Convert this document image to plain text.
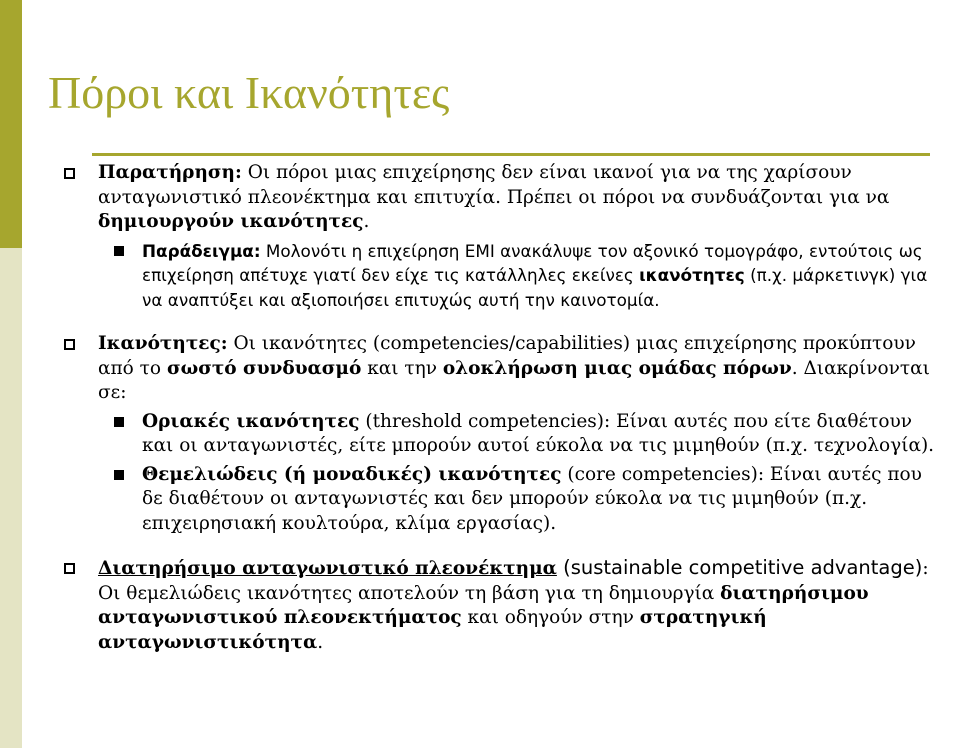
Πόροι και Ικανότητες
Παρατήρηση: Οι πόροι μιας επιχείρησης δεν είναι ικανοί για να της χαρίσουν ανταγωνιστικό πλεονέκτημα και επιτυχία. Πρέπει οι πόροι να συνδυάζονται για να δημιουργούν ικανότητες.
Παράδειγμα: Μολονότι η επιχείρηση EMI ανακάλυψε τον αξονικό τομογράφο, εντούτοις ως επιχείρηση απέτυχε γιατί δεν είχε τις κατάλληλες εκείνες ικανότητες (π.χ. μάρκετινγκ) για να αναπτύξει και αξιοποιήσει επιτυχώς αυτή την καινοτομία.
Ικανότητες: Οι ικανότητες (competencies/capabilities) μιας επιχείρησης προκύπτουν από το σωστό συνδυασμό και την ολοκλήρωση μιας ομάδας πόρων. Διακρίνονται σε:
Οριακές ικανότητες (threshold competencies): Είναι αυτές που είτε διαθέτουν και οι ανταγωνιστές, είτε μπορούν αυτοί εύκολα να τις μιμηθούν (π.χ. τεχνολογία).
Θεμελιώδεις (ή μοναδικές) ικανότητες (core competencies): Είναι αυτές που δε διαθέτουν οι ανταγωνιστές και δεν μπορούν εύκολα να τις μιμηθούν (π.χ. επιχειρησιακή κουλτούρα, κλίμα εργασίας).
Διατηρήσιμο ανταγωνιστικό πλεονέκτημα (sustainable competitive advantage): Οι θεμελιώδεις ικανότητες αποτελούν τη βάση για τη δημιουργία διατηρήσιμου ανταγωνιστικού πλεονεκτήματος και οδηγούν στην στρατηγική ανταγωνιστικότητα.
